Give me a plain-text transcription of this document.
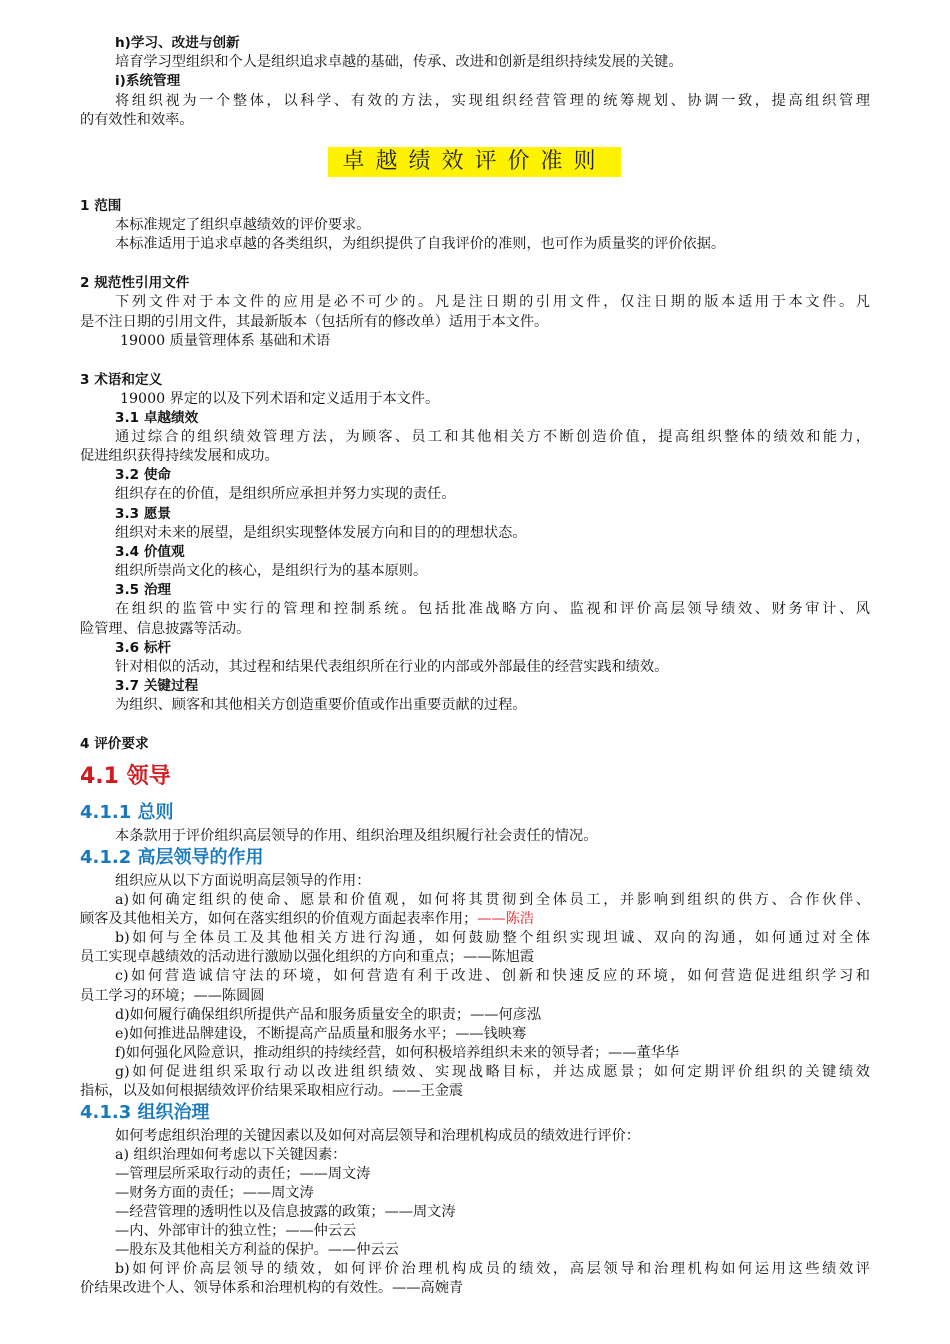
h)学习、改进与创新
培育学习型组织和个人是组织追求卓越的基础，传承、改进和创新是组织持续发展的关键。
i)系统管理
将组织视为一个整体，以科学、有效的方法，实现组织经营管理的统筹规划、协调一致，提高组织管理
的有效性和效率。
卓越绩效评价准则
1 范围
本标准规定了组织卓越绩效的评价要求。
本标准适用于追求卓越的各类组织，为组织提供了自我评价的准则，也可作为质量奖的评价依据。
2 规范性引用文件
下列文件对于本文件的应用是必不可少的。凡是注日期的引用文件，仅注日期的版本适用于本文件。凡
是不注日期的引用文件，其最新版本（包括所有的修改单）适用于本文件。
19000 质量管理体系 基础和术语
3 术语和定义
19000 界定的以及下列术语和定义适用于本文件。
3.1 卓越绩效
通过综合的组织绩效管理方法，为顾客、员工和其他相关方不断创造价值，提高组织整体的绩效和能力，
促进组织获得持续发展和成功。
3.2 使命
组织存在的价值，是组织所应承担并努力实现的责任。
3.3 愿景
组织对未来的展望，是组织实现整体发展方向和目的的理想状态。
3.4 价值观
组织所崇尚文化的核心，是组织行为的基本原则。
3.5 治理
在组织的监管中实行的管理和控制系统。包括批准战略方向、监视和评价高层领导绩效、财务审计、风
险管理、信息披露等活动。
3.6 标杆
针对相似的活动，其过程和结果代表组织所在行业的内部或外部最佳的经营实践和绩效。
3.7 关键过程
为组织、顾客和其他相关方创造重要价值或作出重要贡献的过程。
4 评价要求
4.1 领导
4.1.1 总则
本条款用于评价组织高层领导的作用、组织治理及组织履行社会责任的情况。
4.1.2 高层领导的作用
组织应从以下方面说明高层领导的作用：
a)如何确定组织的使命、愿景和价值观，如何将其贯彻到全体员工，并影响到组织的供方、合作伙伴、
顾客及其他相关方，如何在落实组织的价值观方面起表率作用；——陈浩
b)如何与全体员工及其他相关方进行沟通，如何鼓励整个组织实现坦诚、双向的沟通，如何通过对全体
员工实现卓越绩效的活动进行激励以强化组织的方向和重点；——陈旭霞
c)如何营造诚信守法的环境，如何营造有利于改进、创新和快速反应的环境，如何营造促进组织学习和
员工学习的环境；——陈圆圆
d)如何履行确保组织所提供产品和服务质量安全的职责；——何彦泓
e)如何推进品牌建设，不断提高产品质量和服务水平；——钱映骞
f)如何强化风险意识，推动组织的持续经营，如何积极培养组织未来的领导者；——董华华
g)如何促进组织采取行动以改进组织绩效、实现战略目标，并达成愿景；如何定期评价组织的关键绩效
指标，以及如何根据绩效评价结果采取相应行动。——王金震
4.1.3 组织治理
如何考虑组织治理的关键因素以及如何对高层领导和治理机构成员的绩效进行评价：
a) 组织治理如何考虑以下关键因素：
—管理层所采取行动的责任；——周文涛
—财务方面的责任；——周文涛
—经营管理的透明性以及信息披露的政策；——周文涛
—内、外部审计的独立性；——仲云云
—股东及其他相关方利益的保护。——仲云云
b)如何评价高层领导的绩效，如何评价治理机构成员的绩效，高层领导和治理机构如何运用这些绩效评
价结果改进个人、领导体系和治理机构的有效性。——高婉青
